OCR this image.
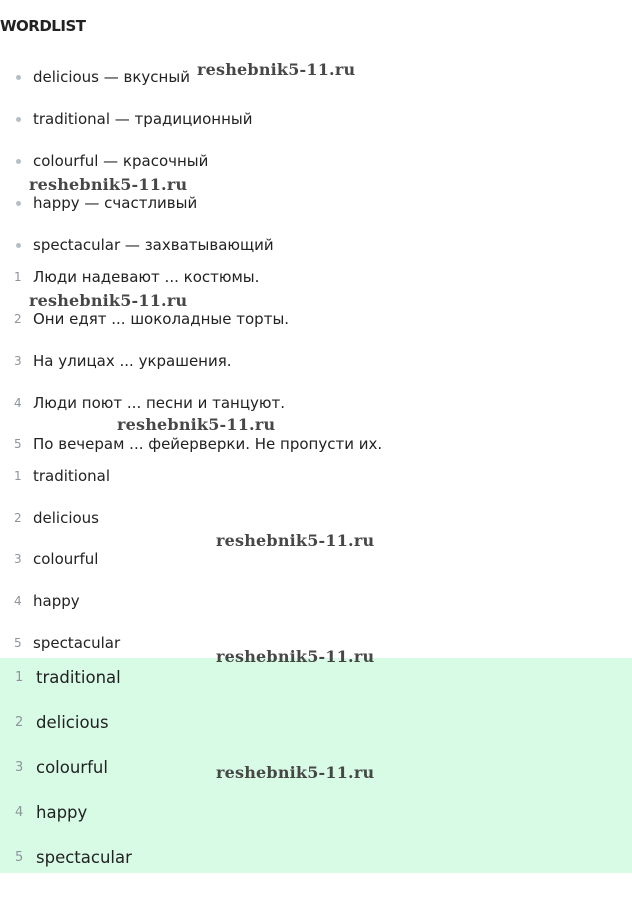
WORDLIST
delicious — вкусный
traditional — традиционный
colourful — красочный
happy — счастливый
spectacular — захватывающий
1 Люди надевают ... костюмы.
2 Они едят ... шоколадные торты.
3 На улицах ... украшения.
4 Люди поют ... песни и танцуют.
5 По вечерам ... фейерверки. Не пропусти их.
1 traditional
2 delicious
3 colourful
4 happy
5 spectacular
1 traditional
2 delicious
3 colourful
4 happy
5 spectacular
reshebnik5-11.ru
reshebnik5-11.ru
reshebnik5-11.ru
reshebnik5-11.ru
reshebnik5-11.ru
reshebnik5-11.ru
reshebnik5-11.ru
